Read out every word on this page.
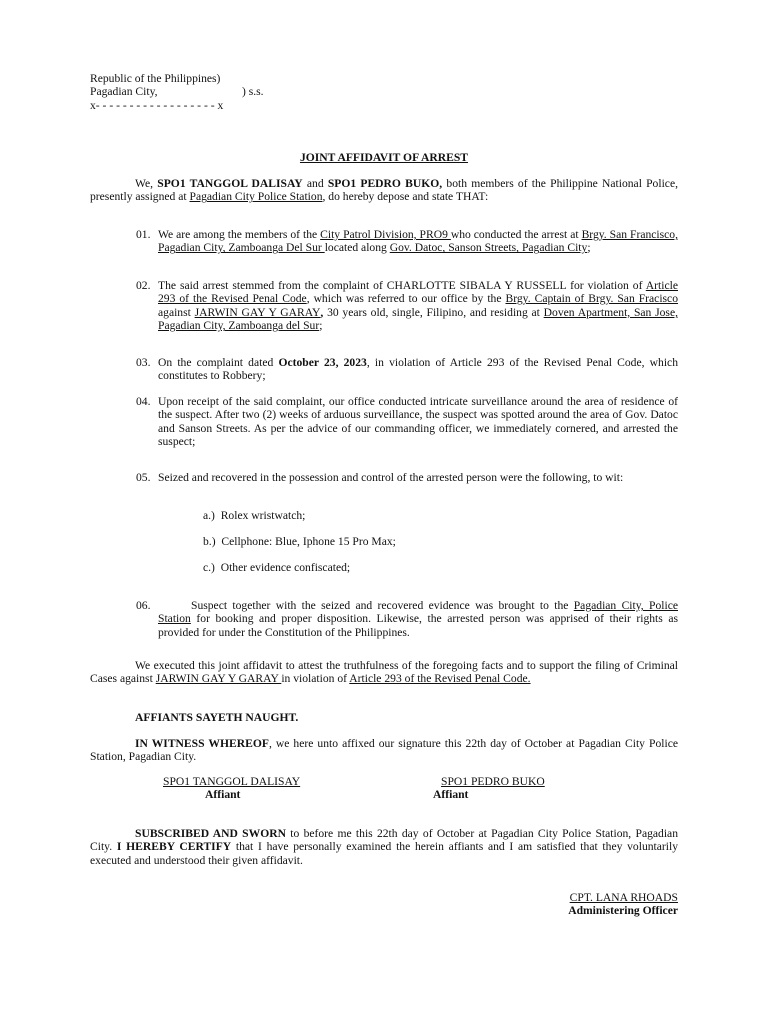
Republic of the Philippines)
Pagadian City,	) s.s.
x- - - - - - - - - - - - - - - - - - x
JOINT AFFIDAVIT OF ARREST
We, SPO1 TANGGOL DALISAY and SPO1 PEDRO BUKO, both members of the Philippine National Police, presently assigned at Pagadian City Police Station, do hereby depose and state THAT:
01. We are among the members of the City Patrol Division, PRO9 who conducted the arrest at Brgy. San Francisco, Pagadian City, Zamboanga Del Sur located along Gov. Datoc, Sanson Streets, Pagadian City;
02. The said arrest stemmed from the complaint of CHARLOTTE SIBALA Y RUSSELL for violation of Article 293 of the Revised Penal Code, which was referred to our office by the Brgy. Captain of Brgy. San Fracisco against JARWIN GAY Y GARAY, 30 years old, single, Filipino, and residing at Doven Apartment, San Jose, Pagadian City, Zamboanga del Sur;
03. On the complaint dated October 23, 2023, in violation of Article 293 of the Revised Penal Code, which constitutes to Robbery;
04. Upon receipt of the said complaint, our office conducted intricate surveillance around the area of residence of the suspect. After two (2) weeks of arduous surveillance, the suspect was spotted around the area of Gov. Datoc and Sanson Streets. As per the advice of our commanding officer, we immediately cornered, and arrested the suspect;
05. Seized and recovered in the possession and control of the arrested person were the following, to wit:
a.) Rolex wristwatch;
b.) Cellphone: Blue, Iphone 15 Pro Max;
c.) Other evidence confiscated;
06.	Suspect together with the seized and recovered evidence was brought to the Pagadian City, Police Station for booking and proper disposition. Likewise, the arrested person was apprised of their rights as provided for under the Constitution of the Philippines.
We executed this joint affidavit to attest the truthfulness of the foregoing facts and to support the filing of Criminal Cases against JARWIN GAY Y GARAY in violation of Article 293 of the Revised Penal Code.
AFFIANTS SAYETH NAUGHT.
IN WITNESS WHEREOF, we here unto affixed our signature this 22th day of October at Pagadian City Police Station, Pagadian City.
SPO1 TANGGOL DALISAY
Affiant
SPO1 PEDRO BUKO
Affiant
SUBSCRIBED AND SWORN to before me this 22th day of October at Pagadian City Police Station, Pagadian City. I HEREBY CERTIFY that I have personally examined the herein affiants and I am satisfied that they voluntarily executed and understood their given affidavit.
CPT. LANA RHOADS
Administering Officer
